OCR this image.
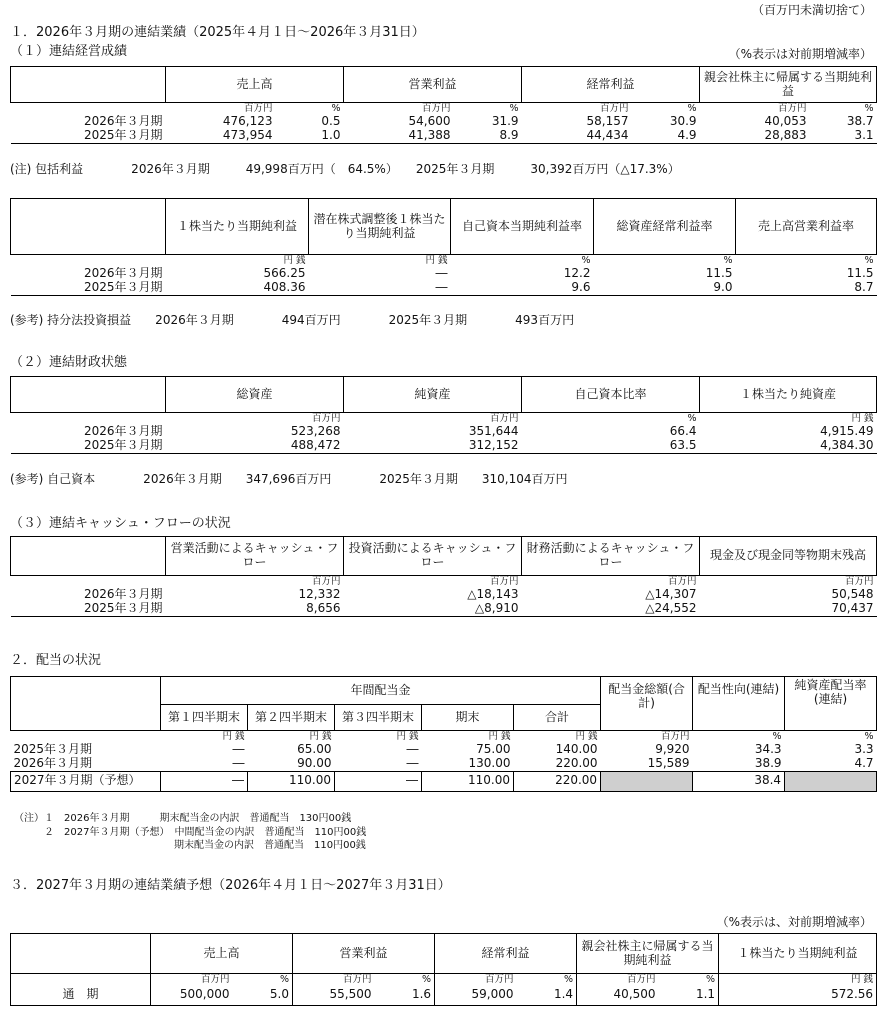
（百万円未満切捨て）
１．2026年３月期の連結業績（2025年４月１日～2026年３月31日）
（１）連結経営成績	（%表示は対前期増減率）
	売上高		営業利益		経常利益		親会社株主に帰属する当期純利益	
	百万円	%	百万円	%	百万円	%	百万円	%
2026年３月期	476,123	0.5	54,600	31.9	58,157	30.9	40,053	38.7
2025年３月期	473,954	1.0	41,388	8.9	44,434	4.9	28,883	3.1
(注) 包括利益　　　　2026年３月期　　　49,998百万円（　64.5%）　　2025年３月期　　　30,392百万円（△17.3%）
	１株当たり当期純利益	潜在株式調整後１株当たり当期純利益	自己資本当期純利益率	総資産経常利益率	売上高営業利益率
	円 銭	円 銭	%	%	%
2026年３月期	566.25	―	12.2	11.5	11.5
2025年３月期	408.36	―	9.6	9.0	8.7
(参考) 持分法投資損益　　2026年３月期　　　　494百万円　　　　2025年３月期　　　　493百万円
（２）連結財政状態
	総資産	純資産	自己資本比率	１株当たり純資産
	百万円	百万円	%	円 銭
2026年３月期	523,268	351,644	66.4	4,915.49
2025年３月期	488,472	312,152	63.5	4,384.30
(参考) 自己資本　　　　2026年３月期　　347,696百万円　　　　2025年３月期　　310,104百万円
（３）連結キャッシュ・フローの状況
	営業活動によるキャッシュ・フロー	投資活動によるキャッシュ・フロー	財務活動によるキャッシュ・フロー	現金及び現金同等物期末残高
	百万円	百万円	百万円	百万円
2026年３月期	12,332	△18,143	△14,307	50,548
2025年３月期	8,656	△8,910	△24,552	70,437
２．配当の状況
	年間配当金					配当金総額(合計)	配当性向(連結)	純資産配当率(連結)
	第１四半期末	第２四半期末	第３四半期末	期末	合計			
	円 銭	円 銭	円 銭	円 銭	円 銭	百万円	%	%
2025年３月期	―	65.00	―	75.00	140.00	9,920	34.3	3.3
2026年３月期	―	90.00	―	130.00	220.00	15,589	38.9	4.7
2027年３月期（予想）	―	110.00	―	110.00	220.00		38.4	
（注）１　2026年３月期　　　期末配当金の内訳　普通配当　130円00銭
　　　２　2027年３月期（予想）　中間配当金の内訳　普通配当　110円00銭
　　　　　　　　　　　　　　　　期末配当金の内訳　普通配当　110円00銭
３．2027年３月期の連結業績予想（2026年４月１日～2027年３月31日）
（%表示は、対前期増減率）
	売上高		営業利益		経常利益		親会社株主に帰属する当期純利益		１株当たり当期純利益
	百万円	%	百万円	%	百万円	%	百万円	%	円 銭
通　期	500,000	5.0	55,500	1.6	59,000	1.4	40,500	1.1	572.56
